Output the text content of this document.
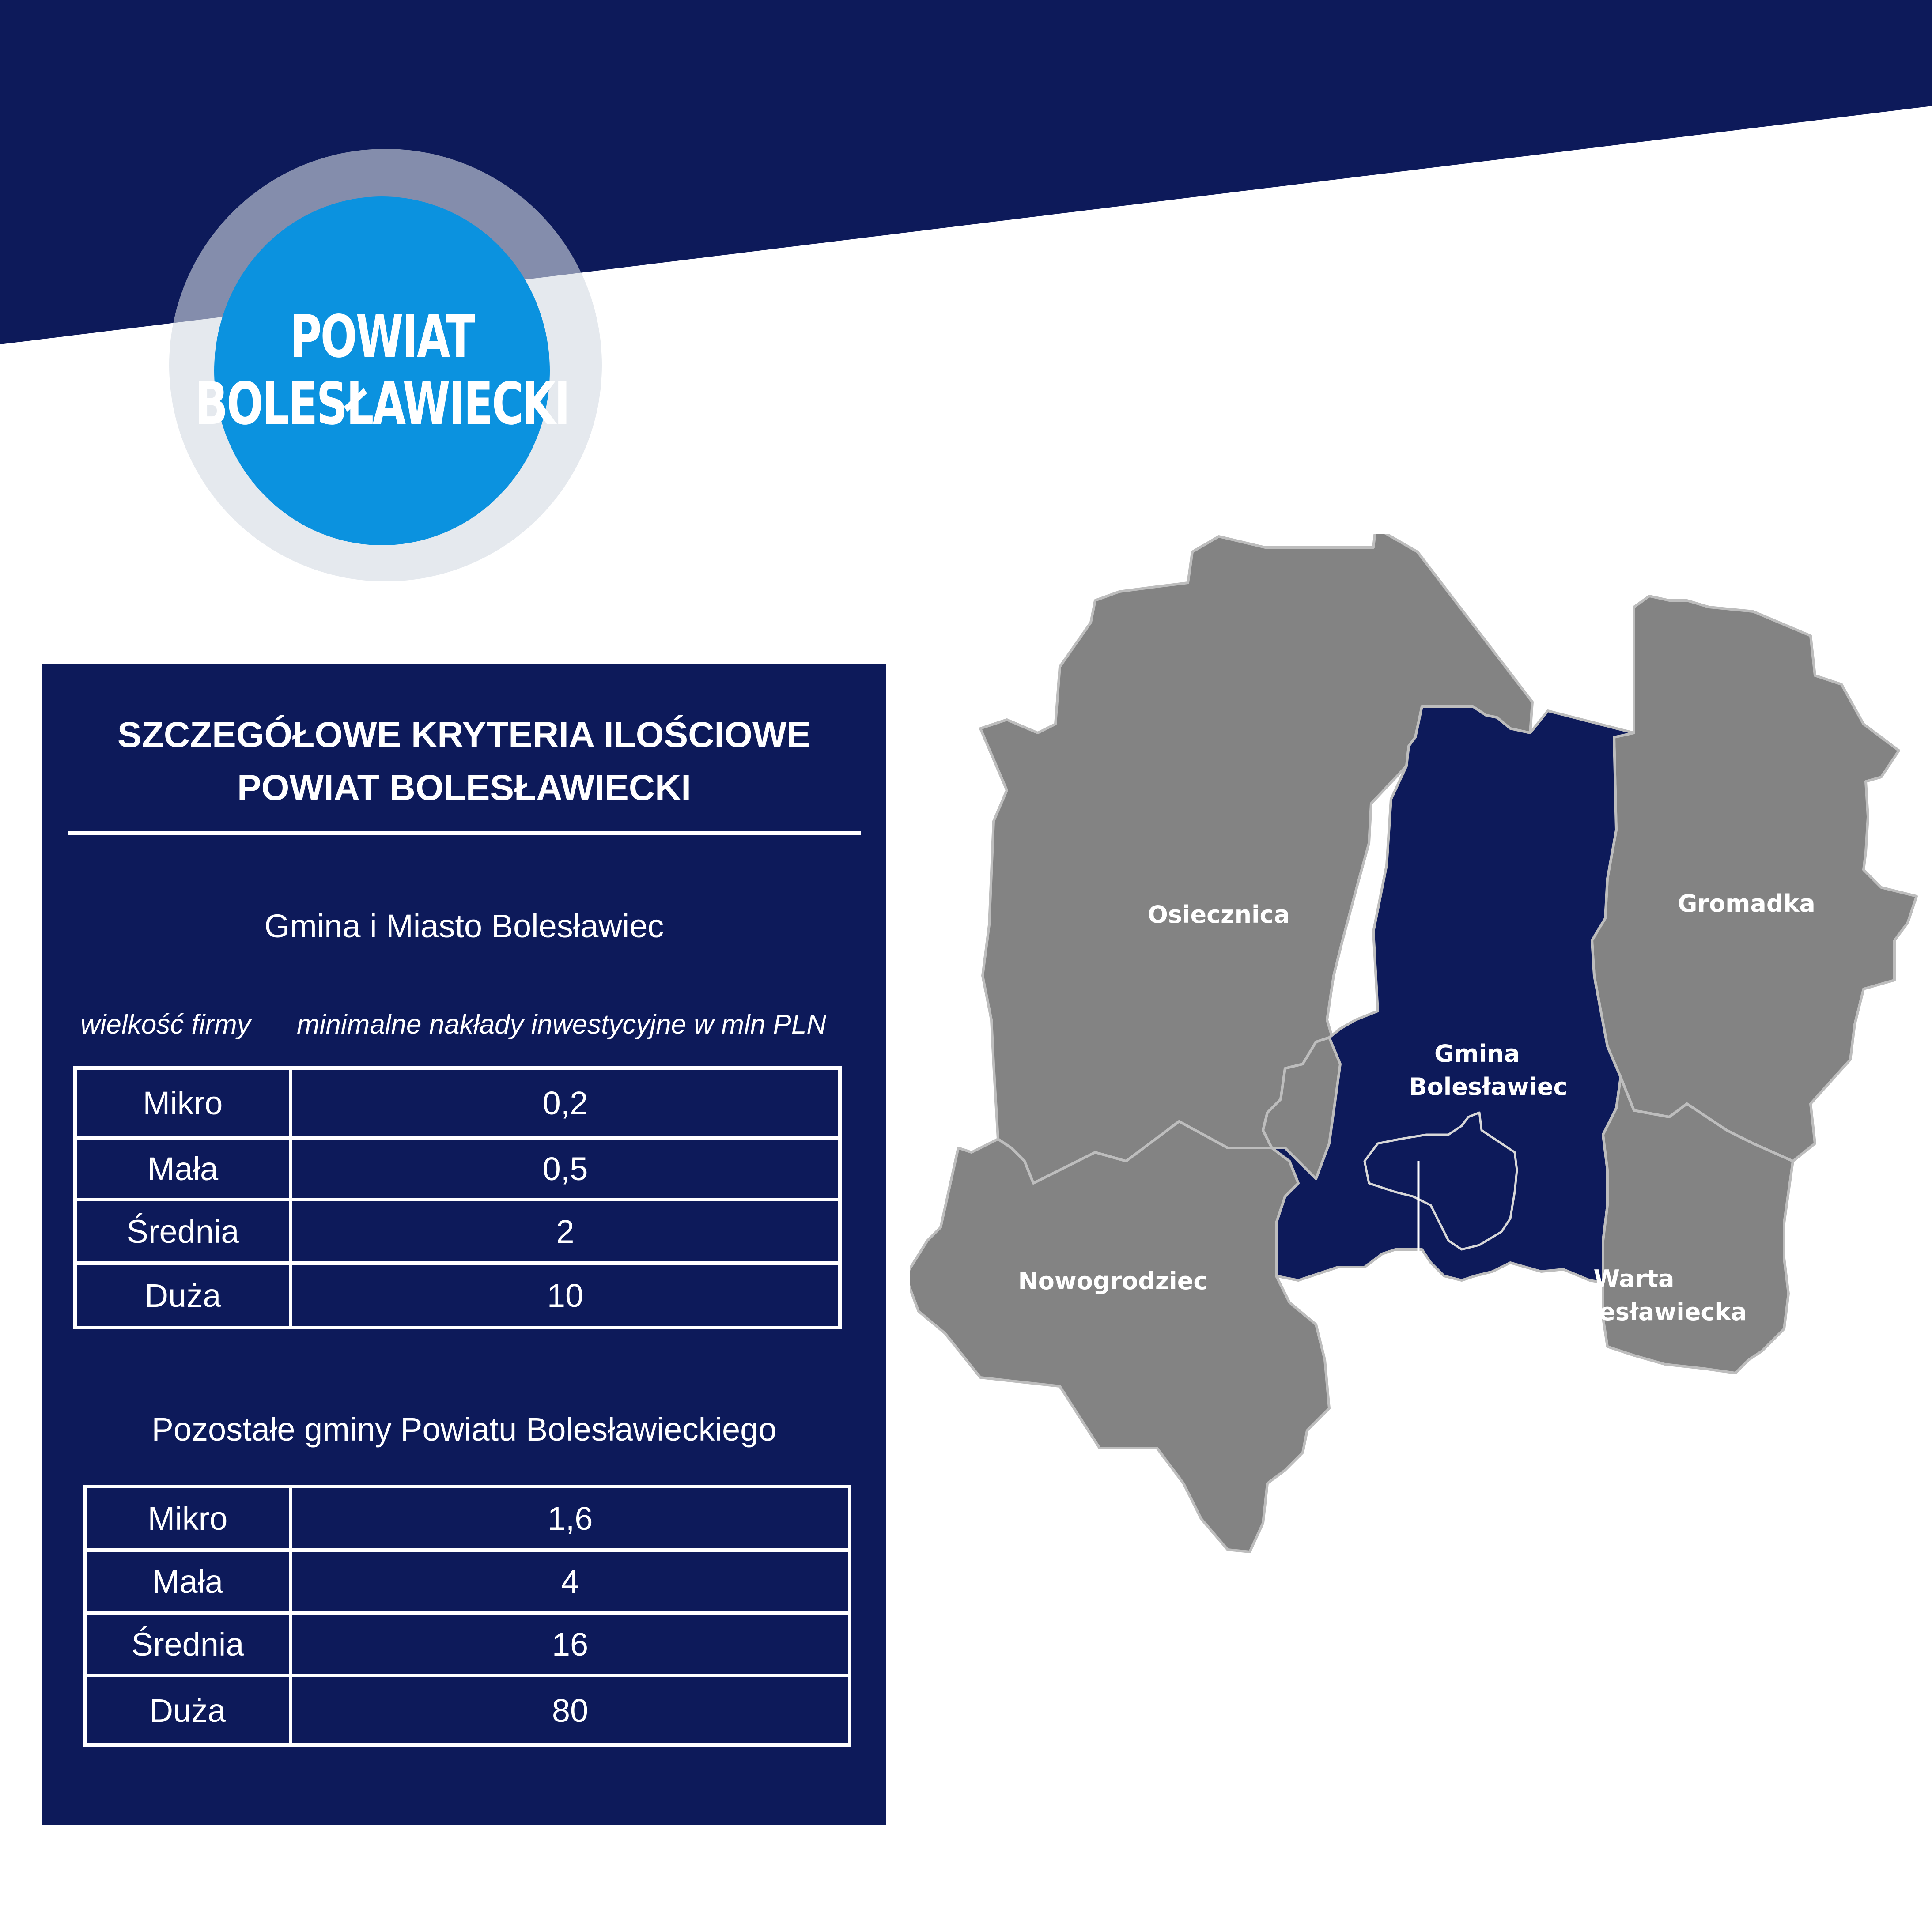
POWIAT
BOLESŁAWIECKI
SZCZEGÓŁOWE KRYTERIA ILOŚCIOWE
POWIAT BOLESŁAWIECKI
Gmina i Miasto Bolesławiec
wielkość firmy minimalne nakłady inwestycyjne w mln PLN
Mikro	0,2
Mała	0,5
Średnia	2
Duża	10
Pozostałe gminy Powiatu Bolesławieckiego
Mikro	1,6
Mała	4
Średnia	16
Duża	80
Osiecznica	Gromadka
Gmina
Bolesławiec
Nowogrodziec
Bolesławiec
Warta
Bolesławiecka
